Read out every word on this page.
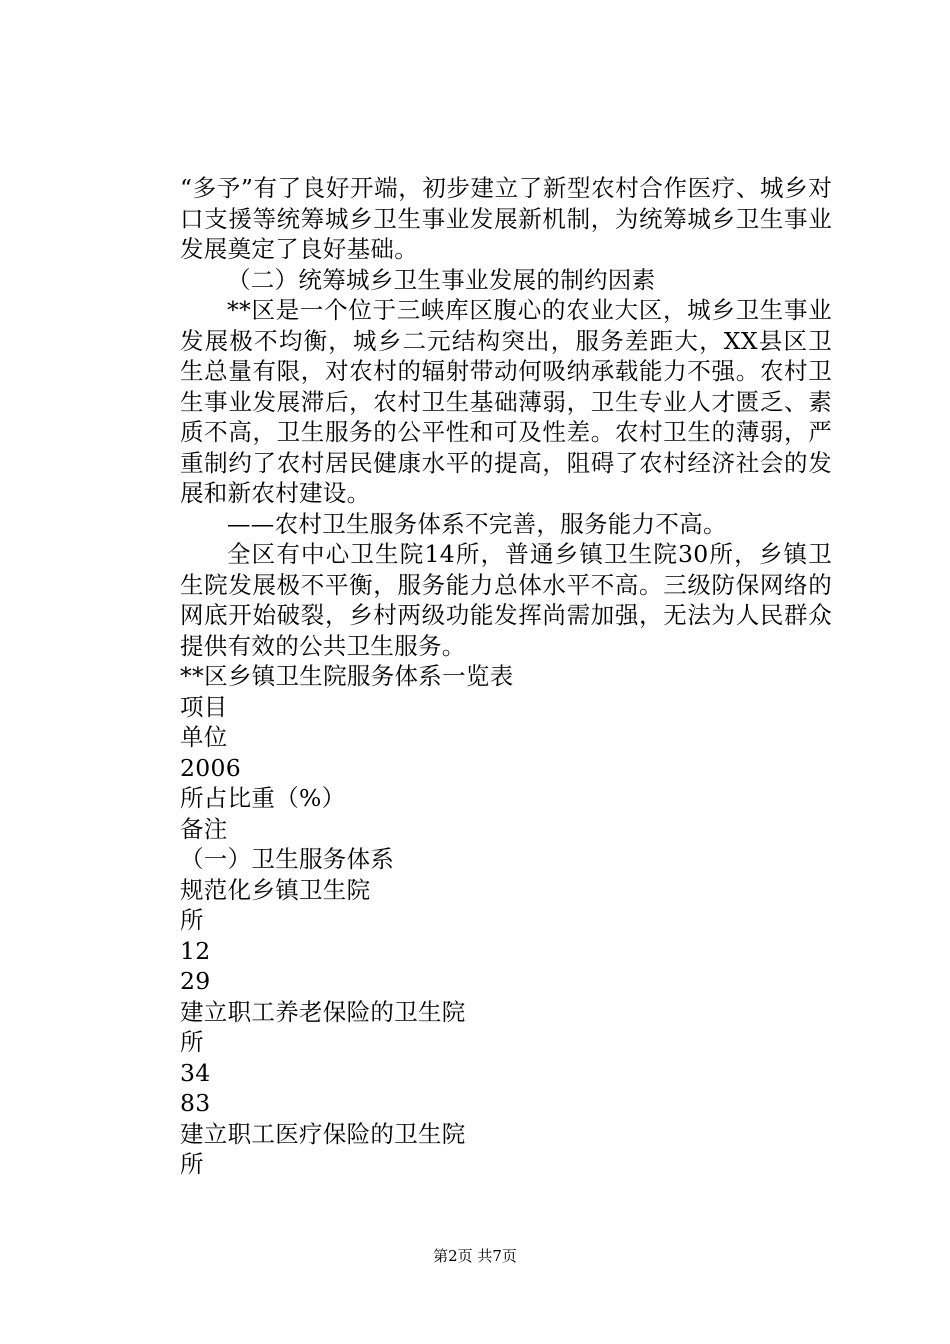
“多予”有了良好开端，初步建立了新型农村合作医疗、城乡对口支援等统筹城乡卫生事业发展新机制，为统筹城乡卫生事业发展奠定了良好基础。

（二）统筹城乡卫生事业发展的制约因素

**区是一个位于三峡库区腹心的农业大区，城乡卫生事业发展极不均衡，城乡二元结构突出，服务差距大，XX县区卫生总量有限，对农村的辐射带动何吸纳承载能力不强。农村卫生事业发展滞后，农村卫生基础薄弱，卫生专业人才匮乏、素质不高，卫生服务的公平性和可及性差。农村卫生的薄弱，严重制约了农村居民健康水平的提高，阻碍了农村经济社会的发展和新农村建设。

——农村卫生服务体系不完善，服务能力不高。

全区有中心卫生院14所，普通乡镇卫生院30所，乡镇卫生院发展极不平衡，服务能力总体水平不高。三级防保网络的网底开始破裂，乡村两级功能发挥尚需加强，无法为人民群众提供有效的公共卫生服务。

**区乡镇卫生院服务体系一览表

项目

单位

2006

所占比重（%）

备注

（一）卫生服务体系

规范化乡镇卫生院

所

12

29

建立职工养老保险的卫生院

所

34

83

建立职工医疗保险的卫生院

所

第2页 共7页
